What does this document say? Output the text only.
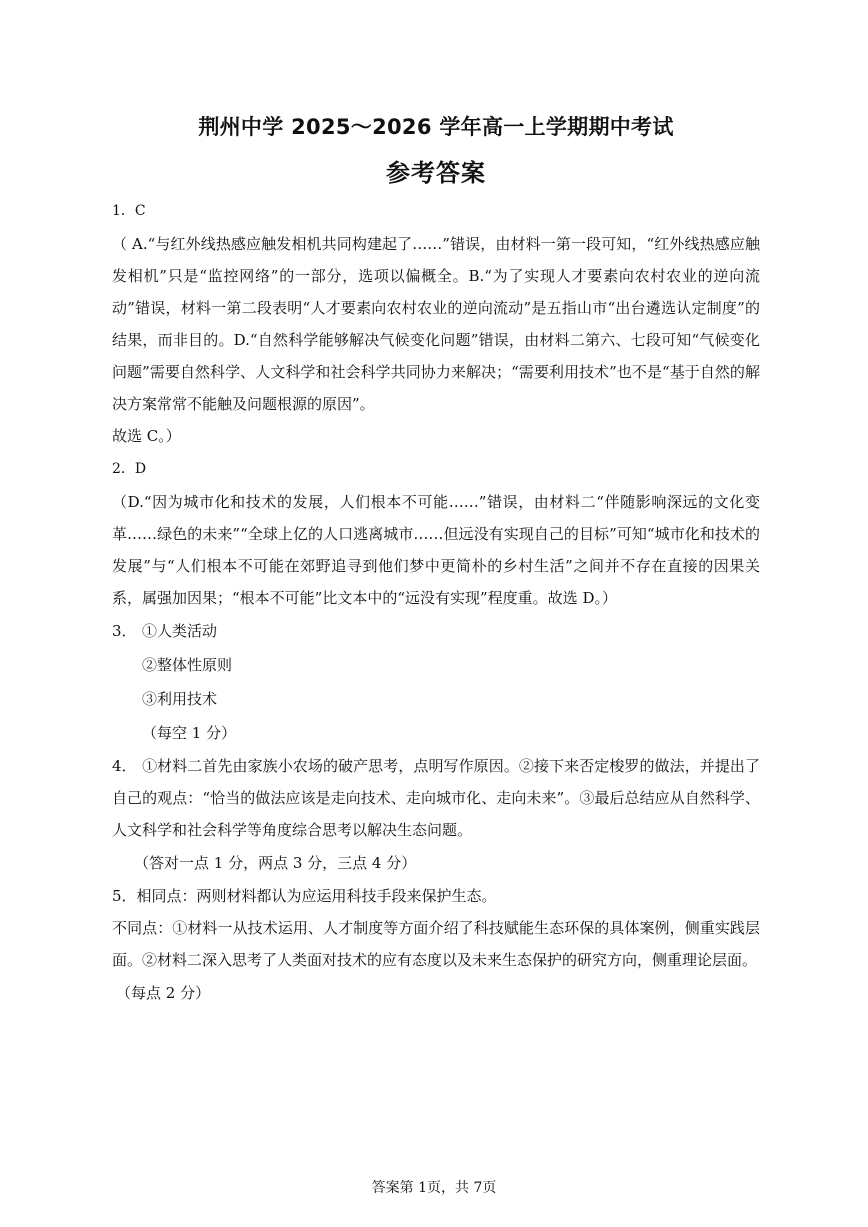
荆州中学 2025～2026 学年高一上学期期中考试
参考答案

1．C

（ A.“与红外线热感应触发相机共同构建起了……”错误，由材料一第一段可知，“红外线热感应触发相机”只是“监控网络”的一部分，选项以偏概全。B.“为了实现人才要素向农村农业的逆向流动”错误，材料一第二段表明“人才要素向农村农业的逆向流动”是五指山市“出台遴选认定制度”的结果，而非目的。D.“自然科学能够解决气候变化问题”错误，由材料二第六、七段可知“气候变化问题”需要自然科学、人文科学和社会科学共同协力来解决；“需要利用技术”也不是“基于自然的解决方案常常不能触及问题根源的原因”。

故选 C。）

2．D

（D.“因为城市化和技术的发展，人们根本不可能……”错误，由材料二“伴随影响深远的文化变革……绿色的未来”“全球上亿的人口逃离城市……但远没有实现自己的目标”可知“城市化和技术的发展”与“人们根本不可能在郊野追寻到他们梦中更简朴的乡村生活”之间并不存在直接的因果关系，属强加因果；“根本不可能”比文本中的“远没有实现”程度重。故选 D。）

3． ①人类活动

②整体性原则

③利用技术

（每空 1 分）

4． ①材料二首先由家族小农场的破产思考，点明写作原因。②接下来否定梭罗的做法，并提出了自己的观点：“恰当的做法应该是走向技术、走向城市化、走向未来”。③最后总结应从自然科学、人文科学和社会科学等角度综合思考以解决生态问题。

（答对一点 1 分，两点 3 分，三点 4 分）

5．相同点：两则材料都认为应运用科技手段来保护生态。

不同点：①材料一从技术运用、人才制度等方面介绍了科技赋能生态环保的具体案例，侧重实践层面。②材料二深入思考了人类面对技术的应有态度以及未来生态保护的研究方向，侧重理论层面。

（每点 2 分）

答案第 1页，共 7页
